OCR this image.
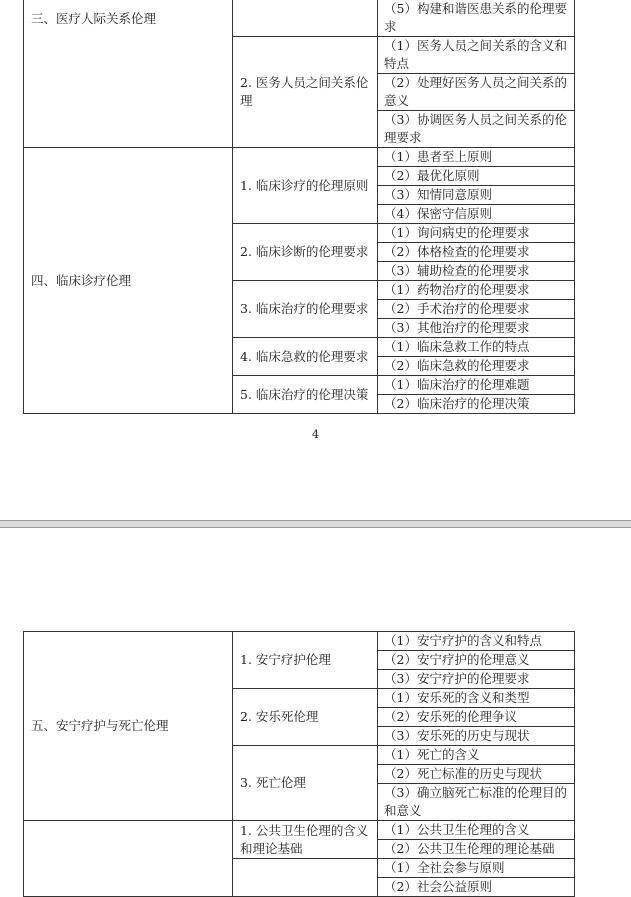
三、医疗人际关系伦理		（5）构建和谐医患关系的伦理要求
	2. 医务人员之间关系伦理	（1）医务人员之间关系的含义和特点
		（2）处理好医务人员之间关系的意义
		（3）协调医务人员之间关系的伦理要求
四、临床诊疗伦理	1. 临床诊疗的伦理原则	（1）患者至上原则
		（2）最优化原则
		（3）知情同意原则
		（4）保密守信原则
	2. 临床诊断的伦理要求	（1）询问病史的伦理要求
		（2）体格检查的伦理要求
		（3）辅助检查的伦理要求
	3. 临床治疗的伦理要求	（1）药物治疗的伦理要求
		（2）手术治疗的伦理要求
		（3）其他治疗的伦理要求
	4. 临床急救的伦理要求	（1）临床急救工作的特点
		（2）临床急救的伦理要求
	5. 临床治疗的伦理决策	（1）临床治疗的伦理难题
		（2）临床治疗的伦理决策
4
五、安宁疗护与死亡伦理	1. 安宁疗护伦理	（1）安宁疗护的含义和特点
		（2）安宁疗护的伦理意义
		（3）安宁疗护的伦理要求
	2. 安乐死伦理	（1）安乐死的含义和类型
		（2）安乐死的伦理争议
		（3）安乐死的历史与现状
	3. 死亡伦理	（1）死亡的含义
		（2）死亡标准的历史与现状
		（3）确立脑死亡标准的伦理目的和意义
	1. 公共卫生伦理的含义和理论基础	（1）公共卫生伦理的含义
		（2）公共卫生伦理的理论基础
		（1）全社会参与原则
		（2）社会公益原则
